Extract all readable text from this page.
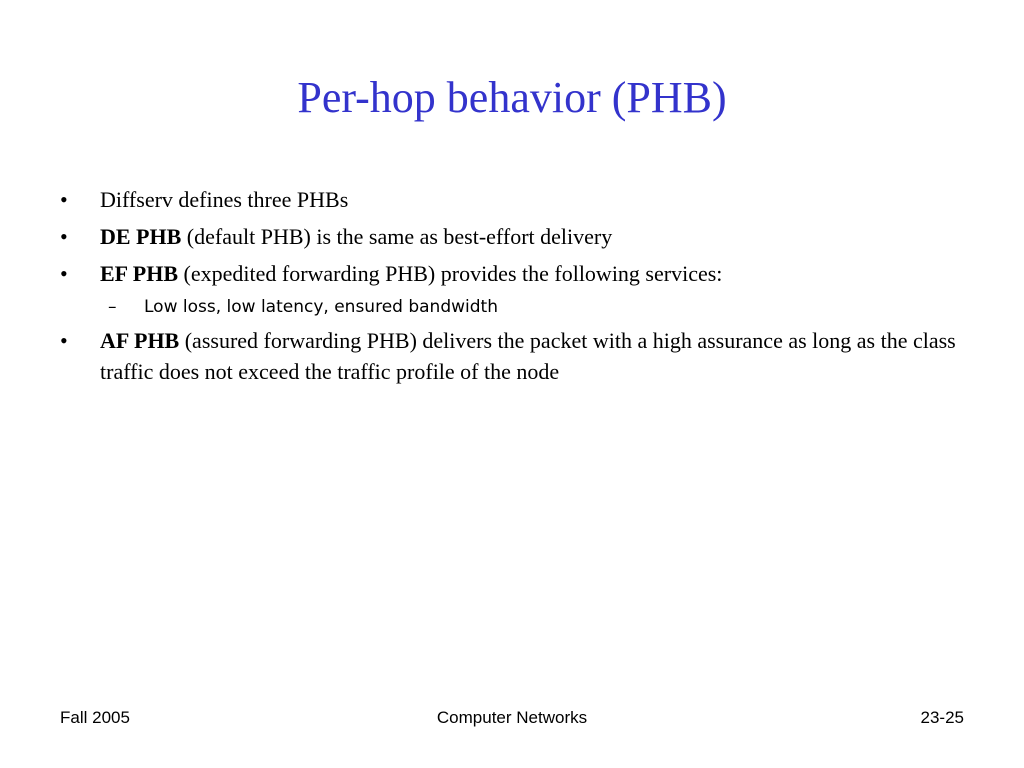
Per-hop behavior (PHB)
• Diffserv defines three PHBs
• DE PHB (default PHB) is the same as best-effort delivery
• EF PHB (expedited forwarding PHB) provides the following services:
– Low loss, low latency, ensured bandwidth
• AF PHB (assured forwarding PHB) delivers the packet with a high assurance as long as the class traffic does not exceed the traffic profile of the node
Fall 2005	Computer Networks	23-25
